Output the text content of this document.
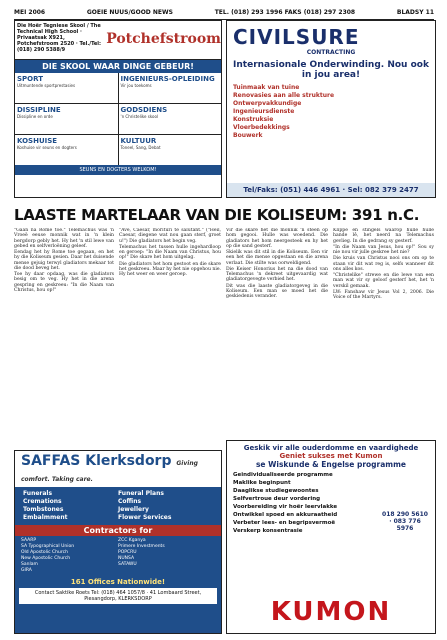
MEI 2006	GOEIE NUUS/GOOD NEWS	TEL. (018) 293 1996 FAKS (018) 297 2308	BLADSY 11
Die Hoër Tegniese Skool / The Technical High School · Privaatsak X921, Potchefstroom 2520 · Tel./Tel: (018) 290 5388/9
Potchefstroom
DIE SKOOL WAAR DINGE GEBEUR!
SPORT
Uitmuntende sportprestasies
INGENIEURS-OPLEIDING
Vir jou toekoms
DISSIPLINE
Dissipline en orde
GODSDIENS
'n Christelike skool
KOSHUISE
Koshuise vir seuns en dogters
KULTUUR
Toneel, Sang, Debat
SEUNS EN DOGTERS WELKOM!
CIVILSURE
CONTRACTING
Internasionale Onderwinding. Nou ook in jou area!
Tuinmaak van tuine
Renovasies aan alle strukture
Ontwerpvakkundige
Ingenieursdienste
Konstruksie
Vloerbedekkings
Bouwerk
Tel/Faks: (051) 446 4961 · Sel: 082 379 2477
LAASTE MARTELAAR VAN DIE KOLISEUM: 391 n.C.

"Gaan na Rome toe." Telemachus was 'n Vroeë eeuse monnik wat in 'n klein bergdorp gebly het. Hy het 'n stil lewe van gebed en selfverloëning geleef.

Eendag het hy Rome toe gegaan, en het hy die Koliseum gesien. Daar het duisende mense gejuig terwyl gladiators mekaar tot die dood beveg het.

Toe hy daar opdaag, was die gladiators besig om te veg. Hy het in die arena gespring en geskreeu: "In die Naam van Christus, hou op!"

"Ave, Caesar, morituri te salutant." ("Heil, Caesar, diegene wat nou gaan sterf, groet u!") Die gladiators het begin veg.

Telemachus het tussen hulle ingehardloop en geroep: "In die Naam van Christus, hou op!" Die skare het hom uitgelag.

Die gladiators het hom gestoot en die skare het geskreeu. Maar hy het nie opgehou nie. Hy het weer en weer geroep.

Vir die skare het die monnik 'n steen op hom gegooi. Hulle was woedend. Die gladiators het hom neergesteek en hy het op die sand gesterf.

Skielik was dit stil in die Koliseum. Een vir een het die mense opgestaan en die arena verlaat. Die stilte was oorweldigend.

Die Keiser Honorius het na die dood van Telemachus 'n dekreet uitgevaardig wat gladiatorgevegte verbied het.

Dit was die laaste gladiatorgeveg in die Koliseum. Een man se moed het die geskiedenis verander.

Klippe en stingels waarop hulle hulle hande lê, het neerd na Telemachus gevlieg. In die gedrang sy gesterf.

"In die Naam van Jesus, hou op!" Sou sy nie nou vir julle geskree het nie?

Die kruis van Christus nooi ons om op te staan vir dit wat reg is, selfs wanneer dit ons alles kos.

"Christelike" strewe en die lewe van een man wat vir sy geloof gesterf het, het 'n verskil gemaak.

LW: Fanshaw vir Jesus Vol 2, 2006. Die Voice of the Martyrs.

SAFFAS Klerksdorp Giving comfort. Taking care.
Funerals	Funeral Plans
Cremations	Coffins
Tombstones	Jewellery
Embalmment	Flower Services
Contractors for
SAARP	ZCC Kganya
SA Typographical Union	Primere Investments
Old Apostolic Church	POPCRU
New Apostolic Church	NUNSA
Sanlam	SATAWU
GIRA
161 Offices Nationwide!
Contact Saktike Roets Tel: (018) 464 1057/8 · 41 Lombaard Street, Piesangdorp, KLERKSDORP
Geskik vir alle ouderdomme en vaardighede
Geniet sukses met Kumon
se Wiskunde & Engelse programme
Geindividualiseerde programme
Maklike beginpunt
Daaglikse studiegewoontes
Selfvertroue deur vordering
Voorbereiding vir hoër leervlakke
Ontwikkel spoed en akkuraatheid
Verbeter lees- en begripsvermoë
Verskerp konsentrasie
018 290 5610 · 083 776 5976
KUMON
